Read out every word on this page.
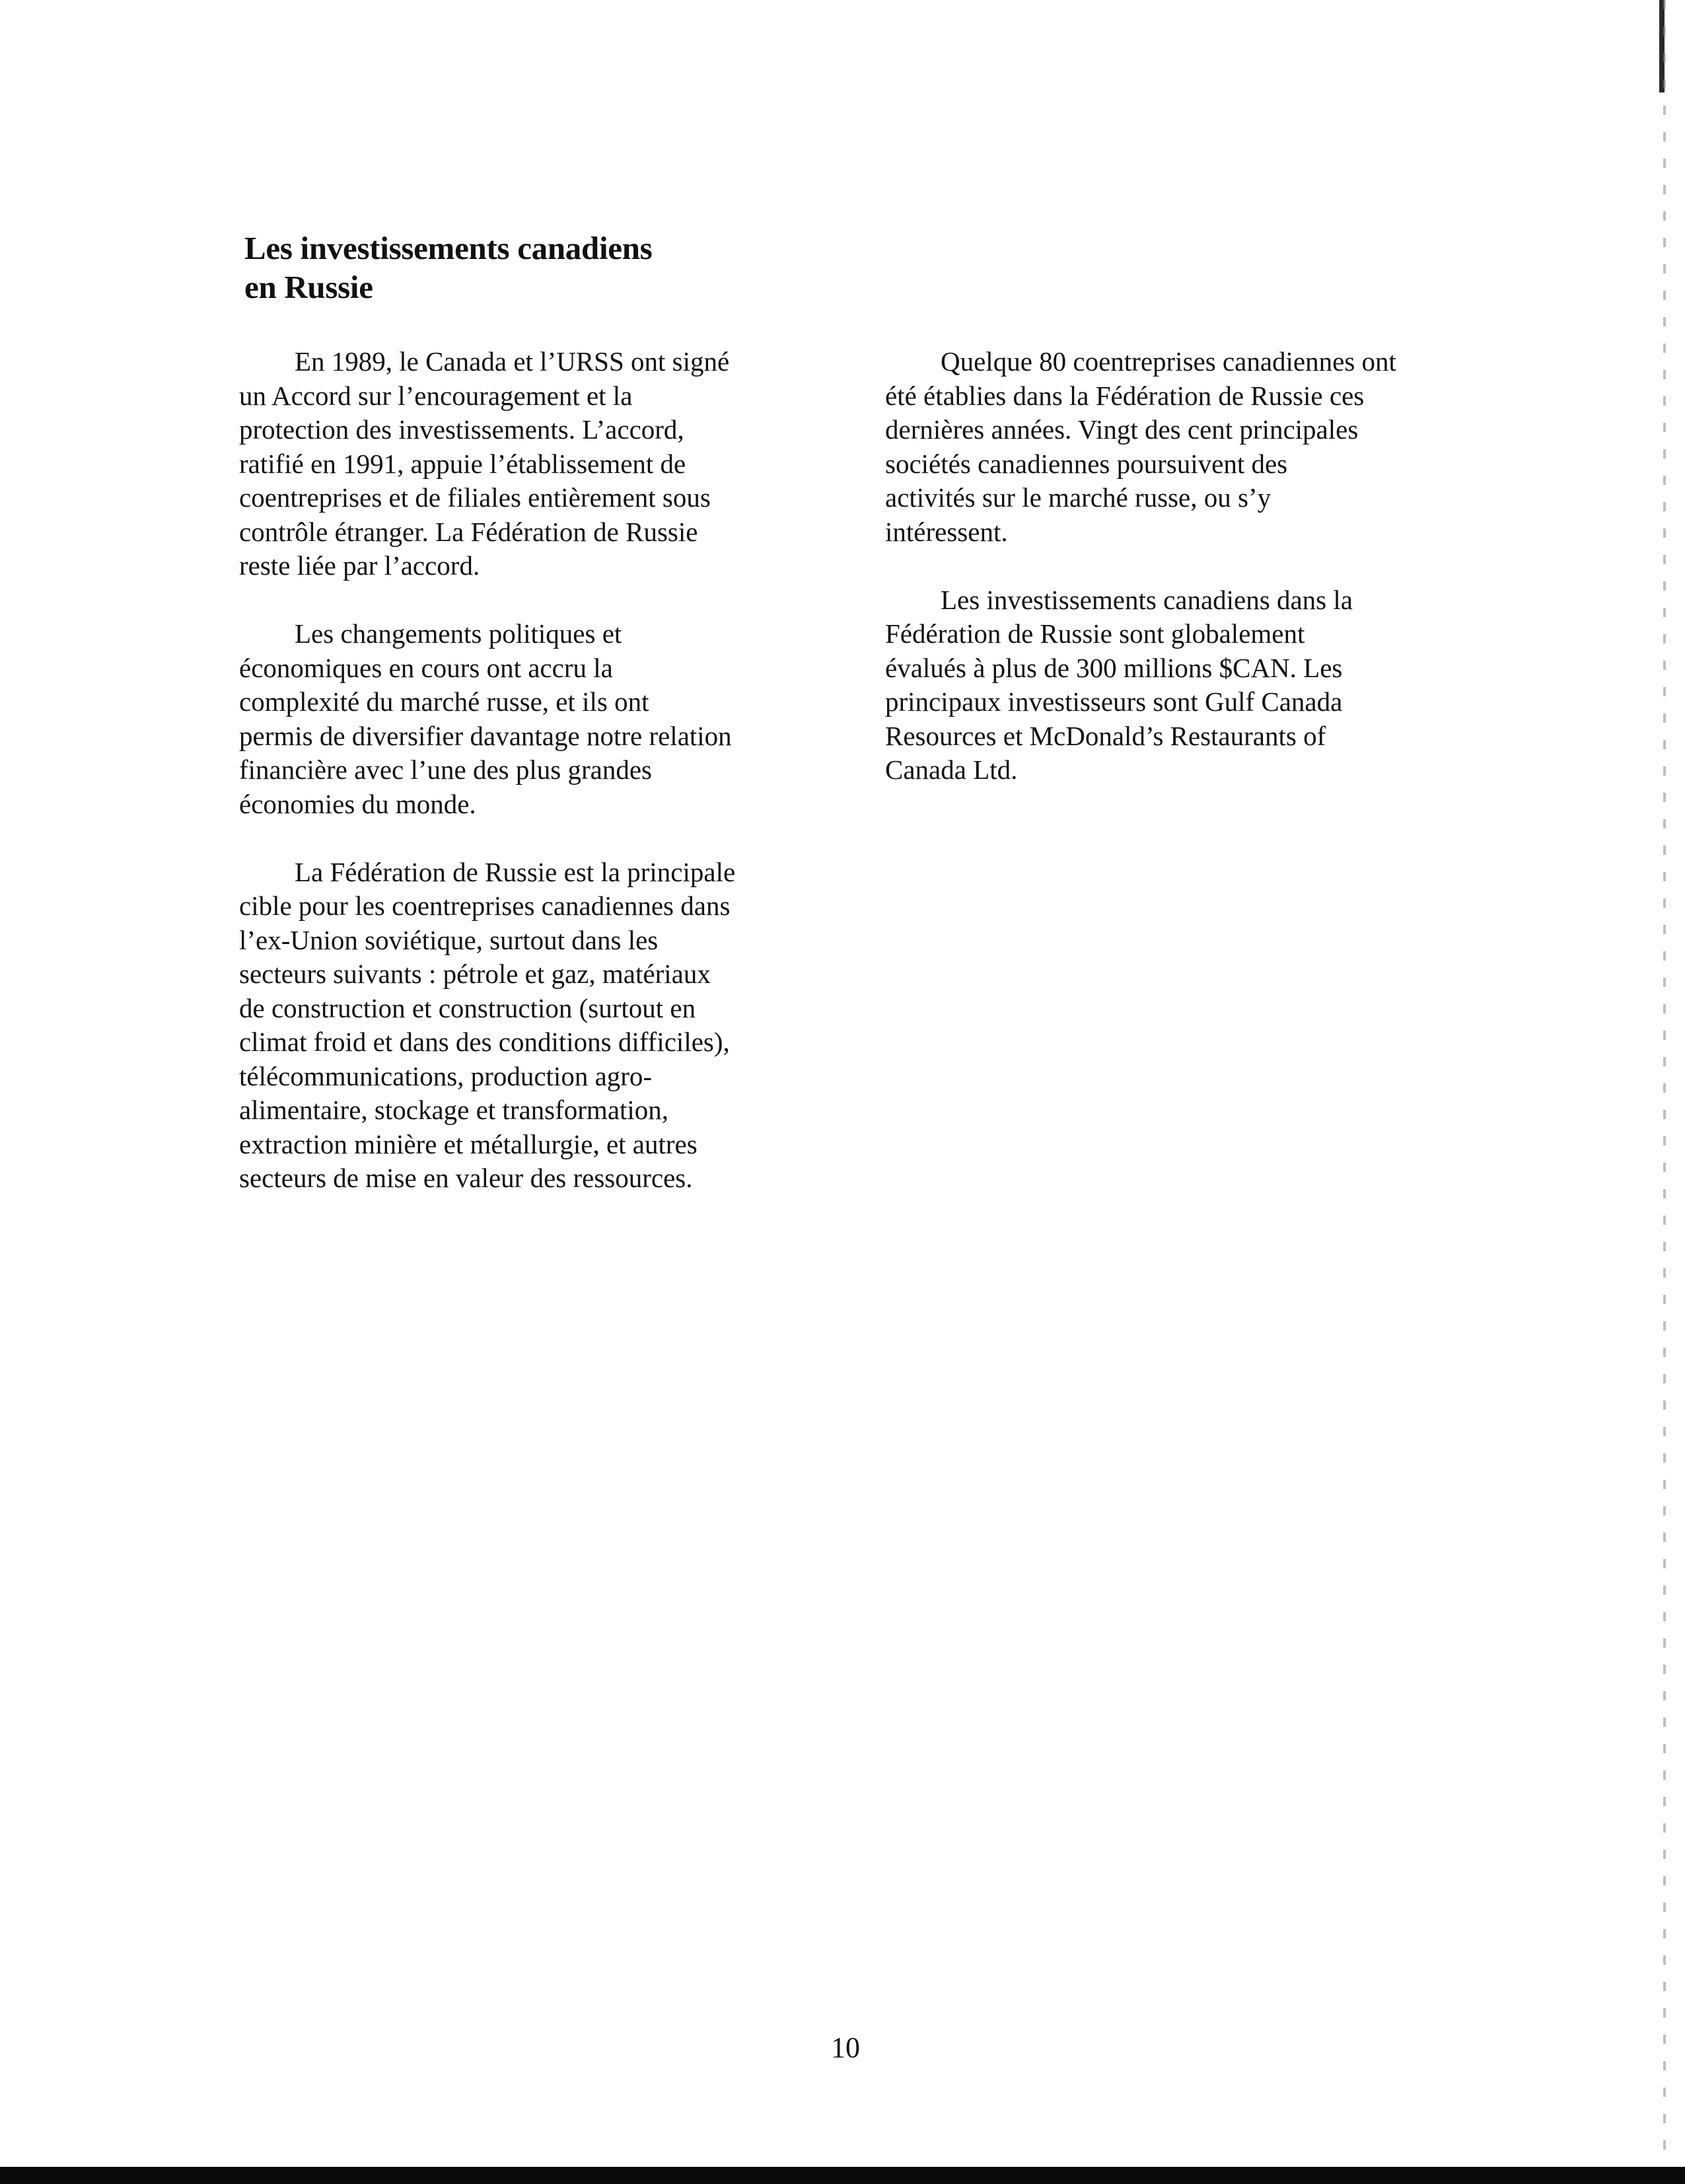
Les investissements canadiens
en Russie

En 1989, le Canada et l’URSS ont signé
un Accord sur l’encouragement et la
protection des investissements. L’accord,
ratifié en 1991, appuie l’établissement de
coentreprises et de filiales entièrement sous
contrôle étranger. La Fédération de Russie
reste liée par l’accord.

Les changements politiques et
économiques en cours ont accru la
complexité du marché russe, et ils ont
permis de diversifier davantage notre relation
financière avec l’une des plus grandes
économies du monde.

La Fédération de Russie est la principale
cible pour les coentreprises canadiennes dans
l’ex-Union soviétique, surtout dans les
secteurs suivants : pétrole et gaz, matériaux
de construction et construction (surtout en
climat froid et dans des conditions difficiles),
télécommunications, production agro-
alimentaire, stockage et transformation,
extraction minière et métallurgie, et autres
secteurs de mise en valeur des ressources.

Quelque 80 coentreprises canadiennes ont
été établies dans la Fédération de Russie ces
dernières années. Vingt des cent principales
sociétés canadiennes poursuivent des
activités sur le marché russe, ou s’y
intéressent.

Les investissements canadiens dans la
Fédération de Russie sont globalement
évalués à plus de 300 millions $CAN. Les
principaux investisseurs sont Gulf Canada
Resources et McDonald’s Restaurants of
Canada Ltd.

10
